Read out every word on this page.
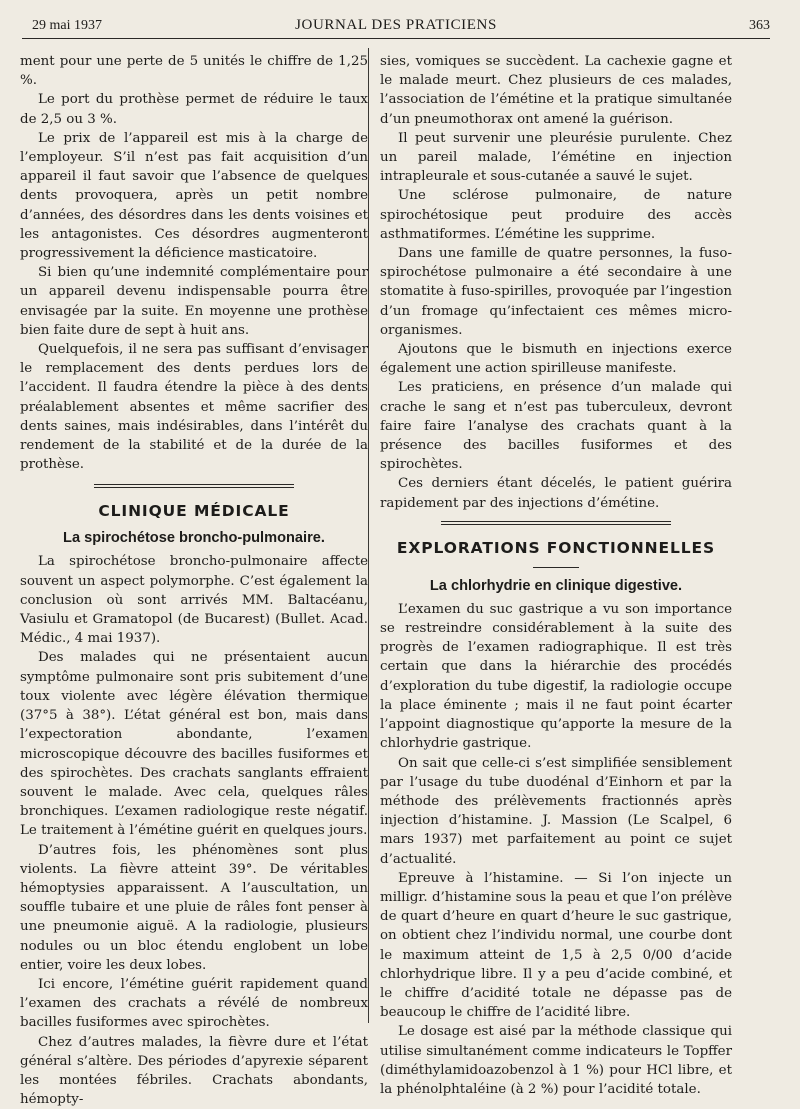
29 mai 1937	JOURNAL DES PRATICIENS	363

ment pour une perte de 5 unités le chiffre de 1,25 %.

Le port du prothèse permet de réduire le taux de 2,5 ou 3 %.

Le prix de l’appareil est mis à la charge de l’employeur. S’il n’est pas fait acquisition d’un appareil il faut savoir que l’absence de quelques dents provoquera, après un petit nombre d’années, des désordres dans les dents voisines et les antagonistes. Ces désordres augmenteront progressivement la déficience masticatoire.

Si bien qu’une indemnité complémentaire pour un appareil devenu indispensable pourra être envisagée par la suite. En moyenne une prothèse bien faite dure de sept à huit ans.

Quelquefois, il ne sera pas suffisant d’envisager le remplacement des dents perdues lors de l’accident. Il faudra étendre la pièce à des dents préalablement absentes et même sacrifier des dents saines, mais indésirables, dans l’intérêt du rendement de la stabilité et de la durée de la prothèse.

CLINIQUE MÉDICALE
La spirochétose broncho-pulmonaire.

La spirochétose broncho-pulmonaire affecte souvent un aspect polymorphe. C’est également la conclusion où sont arrivés MM. Baltacéanu, Vasiulu et Gramatopol (de Bucarest) (Bullet. Acad. Médic., 4 mai 1937).

Des malades qui ne présentaient aucun symptôme pulmonaire sont pris subitement d’une toux violente avec légère élévation thermique (37°5 à 38°). L’état général est bon, mais dans l’expectoration abondante, l’examen microscopique découvre des bacilles fusiformes et des spirochètes. Des crachats sanglants effraient souvent le malade. Avec cela, quelques râles bronchiques. L’examen radiologique reste négatif. Le traitement à l’émétine guérit en quelques jours.

D’autres fois, les phénomènes sont plus violents. La fièvre atteint 39°. De véritables hémoptysies apparaissent. A l’auscultation, un souffle tubaire et une pluie de râles font penser à une pneumonie aiguë. A la radiologie, plusieurs nodules ou un bloc étendu englobent un lobe entier, voire les deux lobes.

Ici encore, l’émétine guérit rapidement quand l’examen des crachats a révélé de nombreux bacilles fusiformes avec spirochètes.

Chez d’autres malades, la fièvre dure et l’état général s’altère. Des périodes d’apyrexie séparent les montées fébriles. Crachats abondants, hémopty-

sies, vomiques se succèdent. La cachexie gagne et le malade meurt. Chez plusieurs de ces malades, l’association de l’émétine et la pratique simultanée d’un pneumothorax ont amené la guérison.

Il peut survenir une pleurésie purulente. Chez un pareil malade, l’émétine en injection intrapleurale et sous-cutanée a sauvé le sujet.

Une sclérose pulmonaire, de nature spirochétosique peut produire des accès asthmatiformes. L’émétine les supprime.

Dans une famille de quatre personnes, la fuso-spirochétose pulmonaire a été secondaire à une stomatite à fuso-spirilles, provoquée par l’ingestion d’un fromage qu’infectaient ces mêmes micro-organismes.

Ajoutons que le bismuth en injections exerce également une action spirilleuse manifeste.

Les praticiens, en présence d’un malade qui crache le sang et n’est pas tuberculeux, devront faire faire l’analyse des crachats quant à la présence des bacilles fusiformes et des spirochètes.

Ces derniers étant décelés, le patient guérira rapidement par des injections d’émétine.

EXPLORATIONS FONCTIONNELLES
La chlorhydrie en clinique digestive.

L’examen du suc gastrique a vu son importance se restreindre considérablement à la suite des progrès de l’examen radiographique. Il est très certain que dans la hiérarchie des procédés d’exploration du tube digestif, la radiologie occupe la place éminente ; mais il ne faut point écarter l’appoint diagnostique qu’apporte la mesure de la chlorhydrie gastrique.

On sait que celle-ci s’est simplifiée sensiblement par l’usage du tube duodénal d’Einhorn et par la méthode des prélèvements fractionnés après injection d’histamine. J. Massion (Le Scalpel, 6 mars 1937) met parfaitement au point ce sujet d’actualité.

Epreuve à l’histamine. — Si l’on injecte un milligr. d’histamine sous la peau et que l’on prélève de quart d’heure en quart d’heure le suc gastrique, on obtient chez l’individu normal, une courbe dont le maximum atteint de 1,5 à 2,5 0/00 d’acide chlorhydrique libre. Il y a peu d’acide combiné, et le chiffre d’acidité totale ne dépasse pas de beaucoup le chiffre de l’acidité libre.

Le dosage est aisé par la méthode classique qui utilise simultanément comme indicateurs le Topffer (diméthylamidoazobenzol à 1 %) pour HCl libre, et la phénolphtaléine (à 2 %) pour l’acidité totale.
